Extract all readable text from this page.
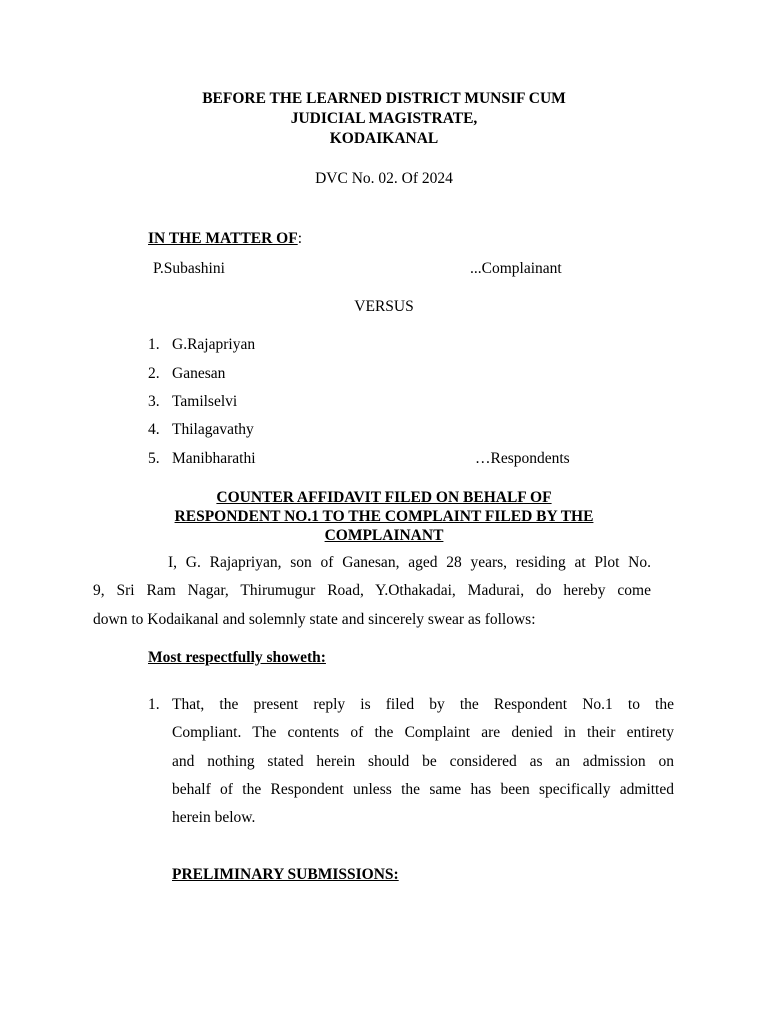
BEFORE THE LEARNED DISTRICT MUNSIF CUM
JUDICIAL MAGISTRATE,
KODAIKANAL
DVC No. 02. Of 2024
IN THE MATTER OF:
P.Subashini	...Complainant
VERSUS
1. G.Rajapriyan
2. Ganesan
3. Tamilselvi
4. Thilagavathy
5. Manibharathi	…Respondents
COUNTER AFFIDAVIT FILED ON BEHALF OF
RESPONDENT NO.1 TO THE COMPLAINT FILED BY THE
COMPLAINANT
I, G. Rajapriyan, son of Ganesan, aged 28 years, residing at Plot No.
9, Sri Ram Nagar, Thirumugur Road, Y.Othakadai, Madurai, do hereby come
down to Kodaikanal and solemnly state and sincerely swear as follows:
Most respectfully showeth:
1. That, the present reply is filed by the Respondent No.1 to the
Compliant. The contents of the Complaint are denied in their entirety
and nothing stated herein should be considered as an admission on
behalf of the Respondent unless the same has been specifically admitted
herein below.
PRELIMINARY SUBMISSIONS:
